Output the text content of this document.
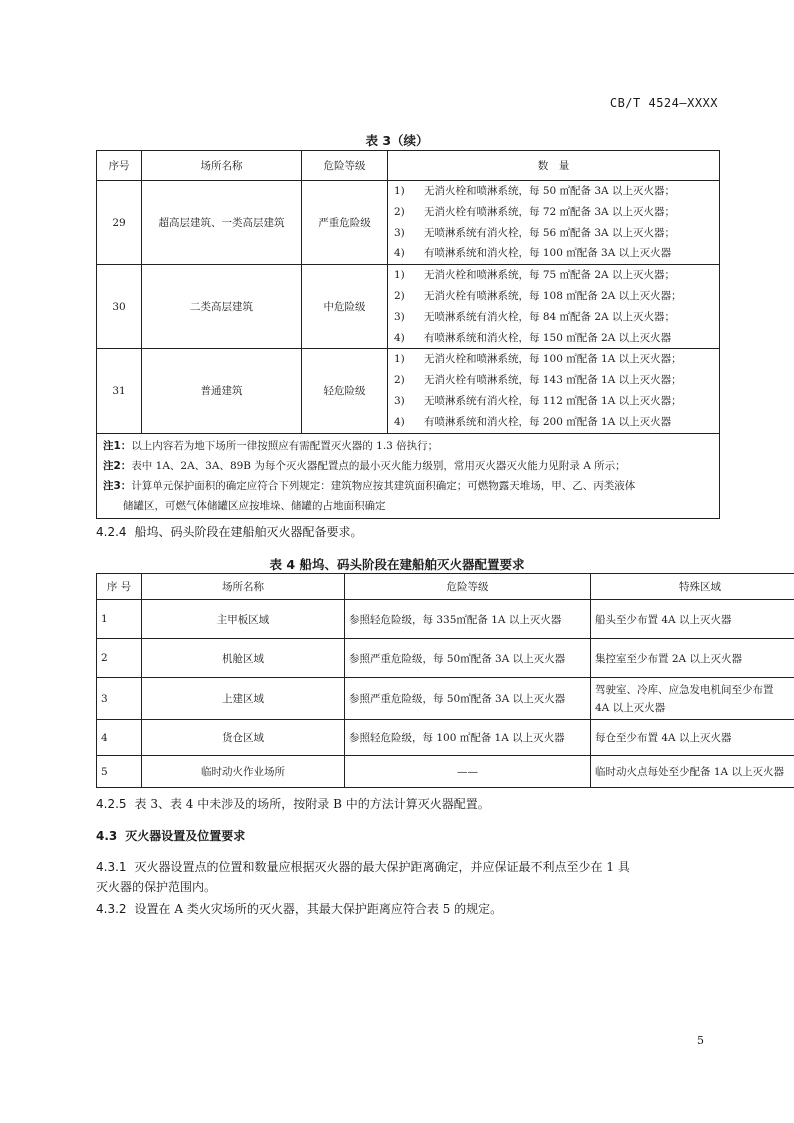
CB/T 4524—XXXX
表 3（续）
序号	场所名称	危险等级	数　量
29	超高层建筑、一类高层建筑	严重危险级	1) 无消火栓和喷淋系统，每 50 ㎡配备 3A 以上灭火器；
2) 无消火栓有喷淋系统，每 72 ㎡配备 3A 以上灭火器；
3) 无喷淋系统有消火栓，每 56 ㎡配备 3A 以上灭火器；
4) 有喷淋系统和消火栓，每 100 ㎡配备 3A 以上灭火器

30	二类高层建筑	中危险级	1) 无消火栓和喷淋系统，每 75 ㎡配备 2A 以上灭火器；
2) 无消火栓有喷淋系统，每 108 ㎡配备 2A 以上灭火器；
3) 无喷淋系统有消火栓，每 84 ㎡配备 2A 以上灭火器；
4) 有喷淋系统和消火栓，每 150 ㎡配备 2A 以上灭火器

31	普通建筑	轻危险级	1) 无消火栓和喷淋系统，每 100 ㎡配备 1A 以上灭火器；
2) 无消火栓有喷淋系统，每 143 ㎡配备 1A 以上灭火器；
3) 无喷淋系统有消火栓，每 112 ㎡配备 1A 以上灭火器；
4) 有喷淋系统和消火栓，每 200 ㎡配备 1A 以上灭火器

注1：以上内容若为地下场所一律按照应有需配置灭火器的 1.3 倍执行；
注2：表中 1A、2A、3A、89B 为每个灭火器配置点的最小灭火能力级别，常用灭火器灭火能力见附录 A 所示；
注3：计算单元保护面积的确定应符合下列规定：建筑物应按其建筑面积确定；可燃物露天堆场，甲、乙、丙类液体
储罐区，可燃气体储罐区应按堆垛、储罐的占地面积确定			
4.2.4 船坞、码头阶段在建船舶灭火器配备要求。
表 4 船坞、码头阶段在建船舶灭火器配置要求
序 号	场所名称	危险等级	特殊区域
1	主甲板区域	参照轻危险级，每 335㎡配备 1A 以上灭火器	船头至少布置 4A 以上灭火器
2	机舱区域	参照严重危险级，每 50㎡配备 3A 以上灭火器	集控室至少布置 2A 以上灭火器
3	上建区域	参照严重危险级，每 50㎡配备 3A 以上灭火器	驾驶室、冷库、应急发电机间至少布置
4A 以上灭火器

4	货仓区域	参照轻危险级，每 100 ㎡配备 1A 以上灭火器	每仓至少布置 4A 以上灭火器
5	临时动火作业场所	——	临时动火点每处至少配备 1A 以上灭火器
4.2.5 表 3、表 4 中未涉及的场所，按附录 B 中的方法计算灭火器配置。
4.3 灭火器设置及位置要求
4.3.1 灭火器设置点的位置和数量应根据灭火器的最大保护距离确定，并应保证最不利点至少在 1 具
灭火器的保护范围内。
4.3.2 设置在 A 类火灾场所的灭火器，其最大保护距离应符合表 5 的规定。
5
